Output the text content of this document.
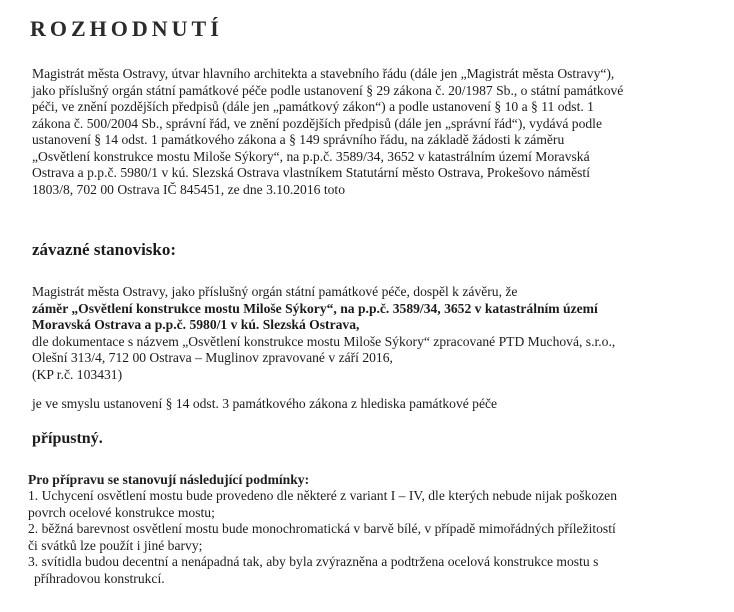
ROZHODNUTÍ

Magistrát města Ostravy, útvar hlavního architekta a stavebního řádu (dále jen „Magistrát města Ostravy“),
jako příslušný orgán státní památkové péče podle ustanovení § 29 zákona č. 20/1987 Sb., o státní památkové
péči, ve znění pozdějších předpisů (dále jen „památkový zákon“) a podle ustanovení § 10 a § 11 odst. 1
zákona č. 500/2004 Sb., správní řád, ve znění pozdějších předpisů (dále jen „správní řád“), vydává podle
ustanovení § 14 odst. 1 památkového zákona a § 149 správního řádu, na základě žádosti k záměru
„Osvětlení konstrukce mostu Miloše Sýkory“, na p.p.č. 3589/34, 3652 v katastrálním území Moravská
Ostrava a p.p.č. 5980/1 v kú. Slezská Ostrava vlastníkem Statutární město Ostrava, Prokešovo náměstí
1803/8, 702 00 Ostrava IČ 845451, ze dne 3.10.2016 toto

závazné stanovisko:

Magistrát města Ostravy, jako příslušný orgán státní památkové péče, dospěl k závěru, že
záměr „Osvětlení konstrukce mostu Miloše Sýkory“, na p.p.č. 3589/34, 3652 v katastrálním území
Moravská Ostrava a p.p.č. 5980/1 v kú. Slezská Ostrava,
dle dokumentace s názvem „Osvětlení konstrukce mostu Miloše Sýkory“ zpracované PTD Muchová, s.r.o.,
Olešní 313/4, 712 00 Ostrava – Muglinov zpravované v září 2016,
(KP r.č. 103431)

je ve smyslu ustanovení § 14 odst. 3 památkového zákona z hlediska památkové péče

přípustný.

Pro přípravu se stanovují následující podmínky:

1. Uchycení osvětlení mostu bude provedeno dle některé z variant I – IV, dle kterých nebude nijak poškozen
povrch ocelové konstrukce mostu;
2. běžná barevnost osvětlení mostu bude monochromatická v barvě bílé, v případě mimořádných příležitostí
či svátků lze použít i jiné barvy;
3. svítidla budou decentní a nenápadná tak, aby byla zvýrazněna a podtržena ocelová konstrukce mostu s
příhradovou konstrukcí.
